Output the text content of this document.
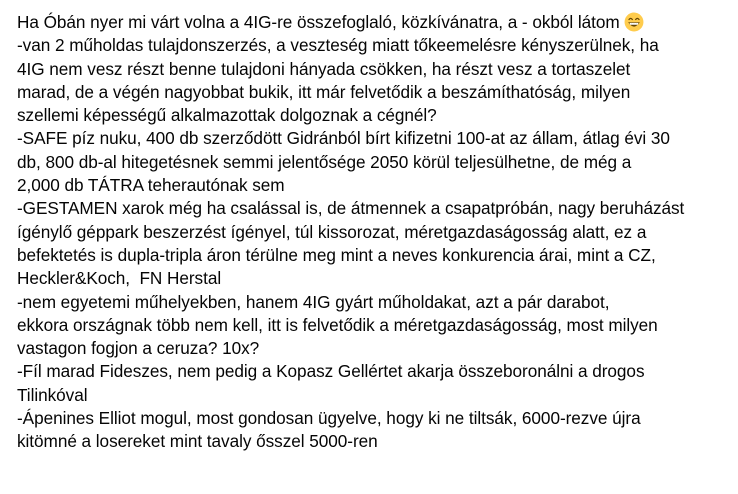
Ha Óbán nyer mi várt volna a 4IG-re összefoglaló, közkívánatra, a - okból látom
-van 2 műholdas tulajdonszerzés, a veszteség miatt tőkeemelésre kényszerülnek, ha
4IG nem vesz részt benne tulajdoni hányada csökken, ha részt vesz a tortaszelet
marad, de a végén nagyobbat bukik, itt már felvetődik a beszámíthatóság, milyen
szellemi képességű alkalmazottak dolgoznak a cégnél?
-SAFE píz nuku, 400 db szerződött Gidránból bírt kifizetni 100-at az állam, átlag évi 30
db, 800 db-al hitegetésnek semmi jelentősége 2050 körül teljesülhetne, de még a
2,000 db TÁTRA teherautónak sem
-GESTAMEN xarok még ha csalással is, de átmennek a csapatpróbán, nagy beruházást
ígénylő géppark beszerzést ígényel, túl kissorozat, méretgazdaságosság alatt, ez a
befektetés is dupla-tripla áron térülne meg mint a neves konkurencia árai, mint a CZ,
Heckler&Koch,  FN Herstal
-nem egyetemi műhelyekben, hanem 4IG gyárt műholdakat, azt a pár darabot,
ekkora országnak több nem kell, itt is felvetődik a méretgazdaságosság, most milyen
vastagon fogjon a ceruza? 10x?
-Fíl marad Fideszes, nem pedig a Kopasz Gellértet akarja összeboronálni a drogos
Tilinkóval
-Ápenines Elliot mogul, most gondosan ügyelve, hogy ki ne tiltsák, 6000-rezve újra
kitömné a losereket mint tavaly ősszel 5000-ren
